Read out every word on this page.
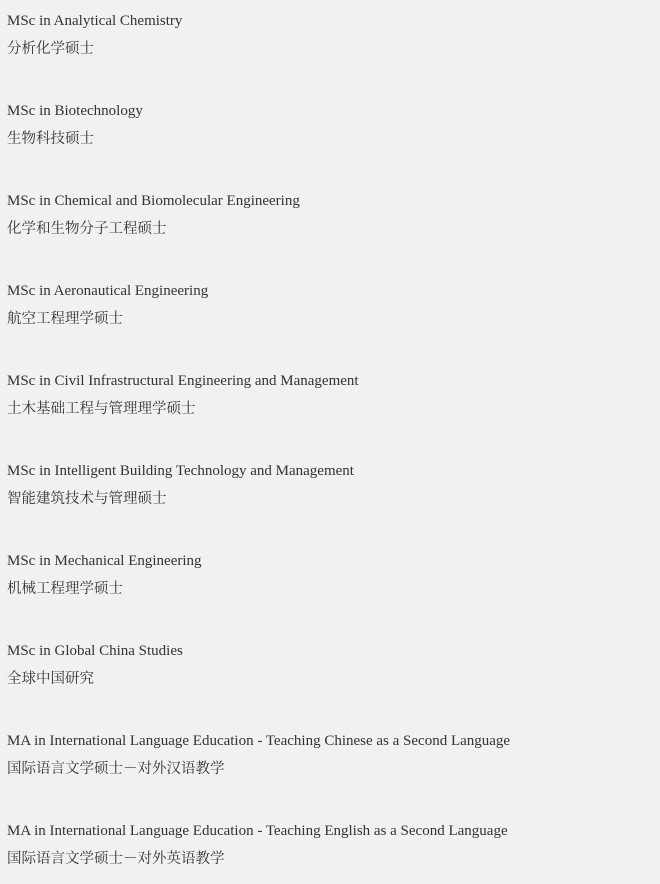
MSc in Analytical Chemistry
分析化学硕士
MSc in Biotechnology
生物科技硕士
MSc in Chemical and Biomolecular Engineering
化学和生物分子工程硕士
MSc in Aeronautical Engineering
航空工程理学硕士
MSc in Civil Infrastructural Engineering and Management
土木基础工程与管理理学硕士
MSc in Intelligent Building Technology and Management
智能建筑技术与管理硕士
MSc in Mechanical Engineering
机械工程理学硕士
MSc in Global China Studies
全球中国研究
MA in International Language Education - Teaching Chinese as a Second Language
国际语言文学硕士－对外汉语教学
MA in International Language Education - Teaching English as a Second Language
国际语言文学硕士－对外英语教学
